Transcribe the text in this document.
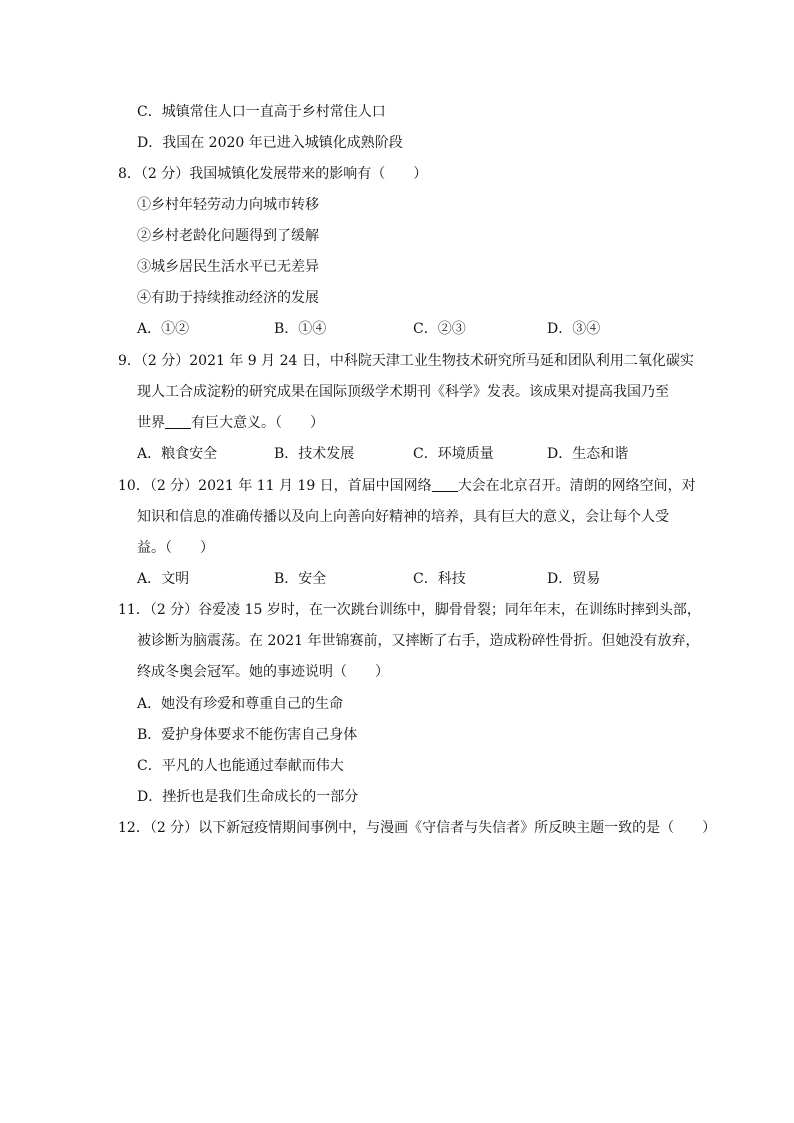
C．城镇常住人口一直高于乡村常住人口
D．我国在 2020 年已进入城镇化成熟阶段
8．（2 分）我国城镇化发展带来的影响有（　　）
①乡村年轻劳动力向城市转移
②乡村老龄化问题得到了缓解
③城乡居民生活水平已无差异
④有助于持续推动经济的发展
A．①②	B．①④	C．②③	D．③④
9．（2 分）2021 年 9 月 24 日，中科院天津工业生物技术研究所马延和团队利用二氧化碳实
现人工合成淀粉的研究成果在国际顶级学术期刊《科学》发表。该成果对提高我国乃至
世界 有巨大意义。（　　）
A．粮食安全	B．技术发展	C．环境质量	D．生态和谐
10．（2 分）2021 年 11 月 19 日，首届中国网络 大会在北京召开。清朗的网络空间，对
知识和信息的准确传播以及向上向善向好精神的培养，具有巨大的意义，会让每个人受
益。（　　）
A．文明	B．安全	C．科技	D．贸易
11．（2 分）谷爱凌 15 岁时，在一次跳台训练中，脚骨骨裂；同年年末，在训练时摔到头部，
被诊断为脑震荡。在 2021 年世锦赛前，又摔断了右手，造成粉碎性骨折。但她没有放弃，
终成冬奥会冠军。她的事迹说明（　　）
A．她没有珍爱和尊重自己的生命
B．爱护身体要求不能伤害自己身体
C．平凡的人也能通过奉献而伟大
D．挫折也是我们生命成长的一部分
12．（2 分）以下新冠疫情期间事例中，与漫画《守信者与失信者》所反映主题一致的是（　　）
